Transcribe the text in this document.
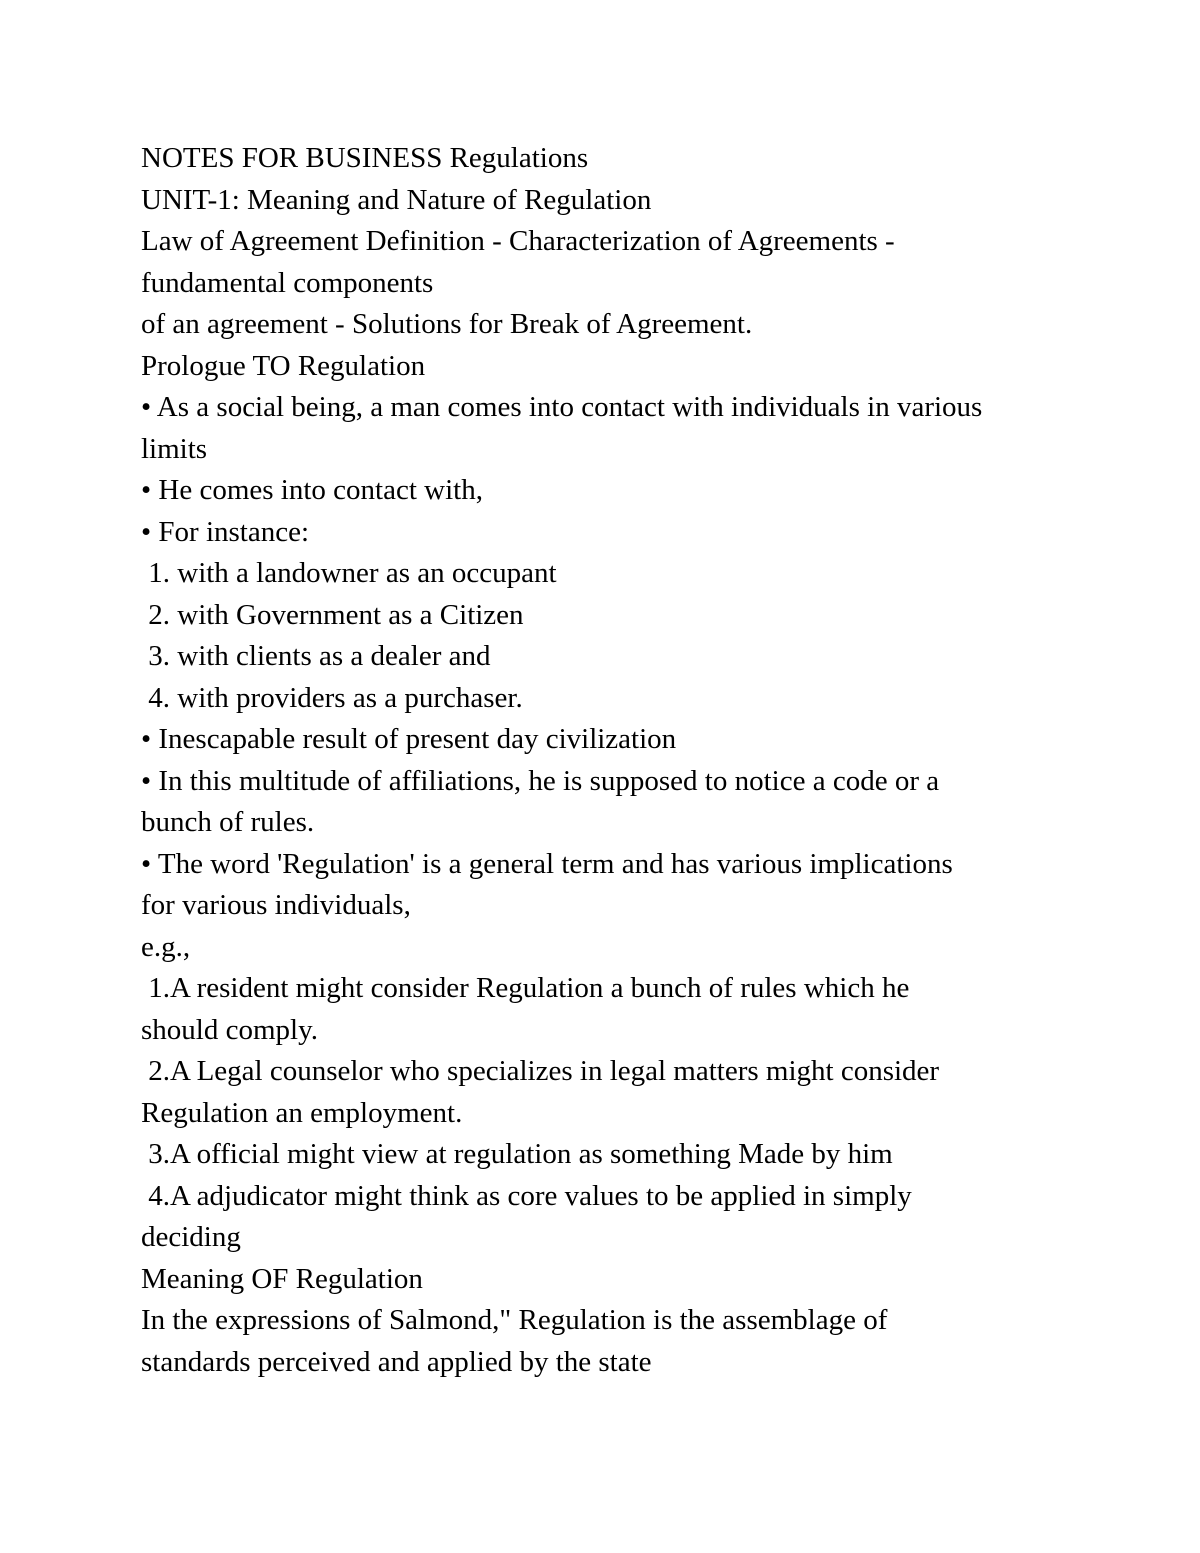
NOTES FOR BUSINESS Regulations

UNIT-1: Meaning and Nature of Regulation

Law of Agreement Definition - Characterization of Agreements -

fundamental components

of an agreement - Solutions for Break of Agreement.

Prologue TO Regulation

• As a social being, a man comes into contact with individuals in various

limits

• He comes into contact with,

• For instance:

1. with a landowner as an occupant

2. with Government as a Citizen

3. with clients as a dealer and

4. with providers as a purchaser.

• Inescapable result of present day civilization

• In this multitude of affiliations, he is supposed to notice a code or a

bunch of rules.

• The word 'Regulation' is a general term and has various implications

for various individuals,

e.g.,

1.A resident might consider Regulation a bunch of rules which he

should comply.

2.A Legal counselor who specializes in legal matters might consider

Regulation an employment.

3.A official might view at regulation as something Made by him

4.A adjudicator might think as core values to be applied in simply

deciding

Meaning OF Regulation

In the expressions of Salmond," Regulation is the assemblage of

standards perceived and applied by the state
